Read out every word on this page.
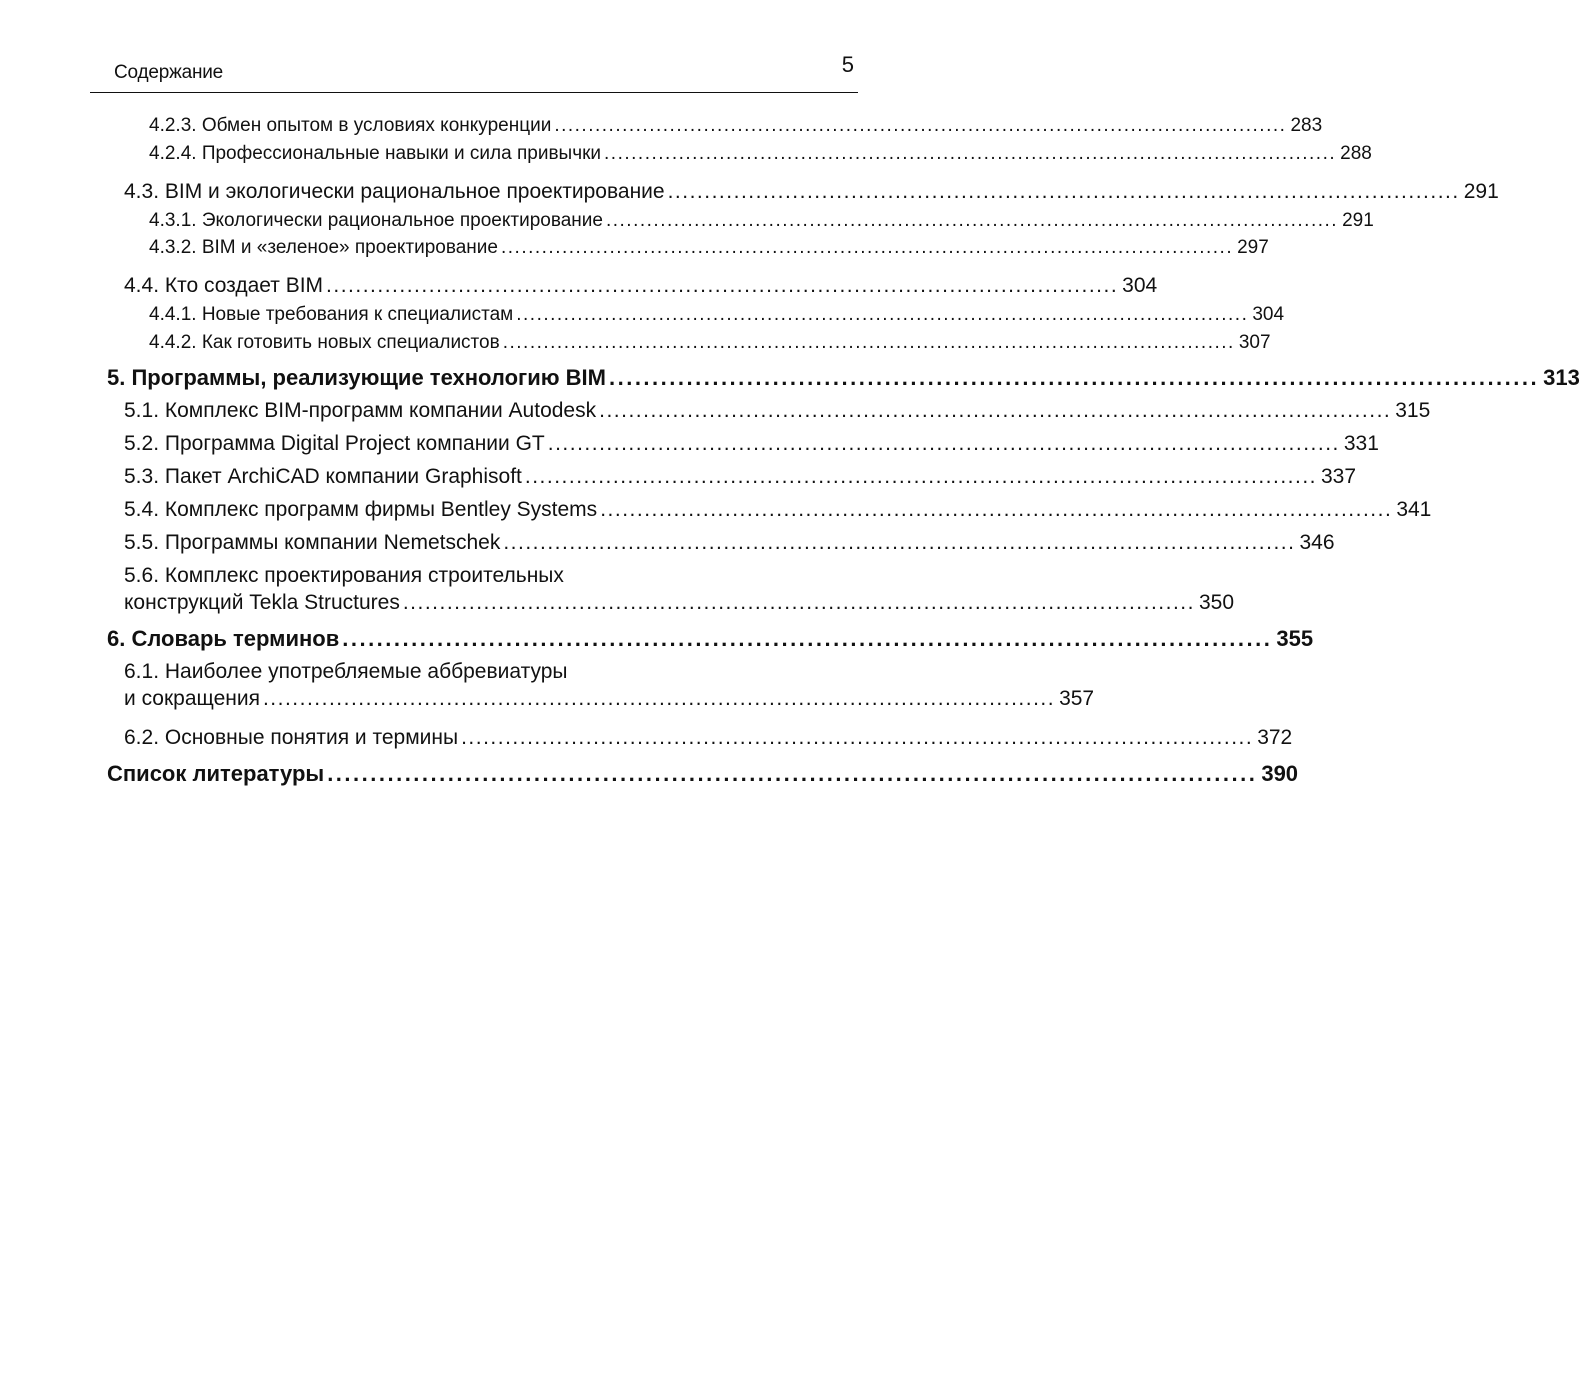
Содержание	5
4.2.3. Обмен опытом в условиях конкуренции ............................................................................................................ 283
4.2.4. Профессиональные навыки и сила привычки ............................................................................................................ 288
4.3. BIM и экологически рациональное проектирование ............................................................................................................ 291
4.3.1. Экологически рациональное проектирование ............................................................................................................ 291
4.3.2. BIM и «зеленое» проектирование ............................................................................................................ 297
4.4. Кто создает BIM ............................................................................................................ 304
4.4.1. Новые требования к специалистам ............................................................................................................ 304
4.4.2. Как готовить новых специалистов ............................................................................................................ 307
5. Программы, реализующие технологию BIM ............................................................................................................ 313
5.1. Комплекс BIM-программ компании Autodesk ............................................................................................................ 315
5.2. Программа Digital Project компании GT ............................................................................................................ 331
5.3. Пакет ArchiCAD компании Graphisoft ............................................................................................................ 337
5.4. Комплекс программ фирмы Bentley Systems ............................................................................................................ 341
5.5. Программы компании Nemetschek ............................................................................................................ 346
5.6. Комплекс проектирования строительных
конструкций Tekla Structures ............................................................................................................ 350
6. Словарь терминов ............................................................................................................ 355
6.1. Наиболее употребляемые аббревиатуры
и сокращения ............................................................................................................ 357
6.2. Основные понятия и термины ............................................................................................................ 372
Список литературы ............................................................................................................ 390
